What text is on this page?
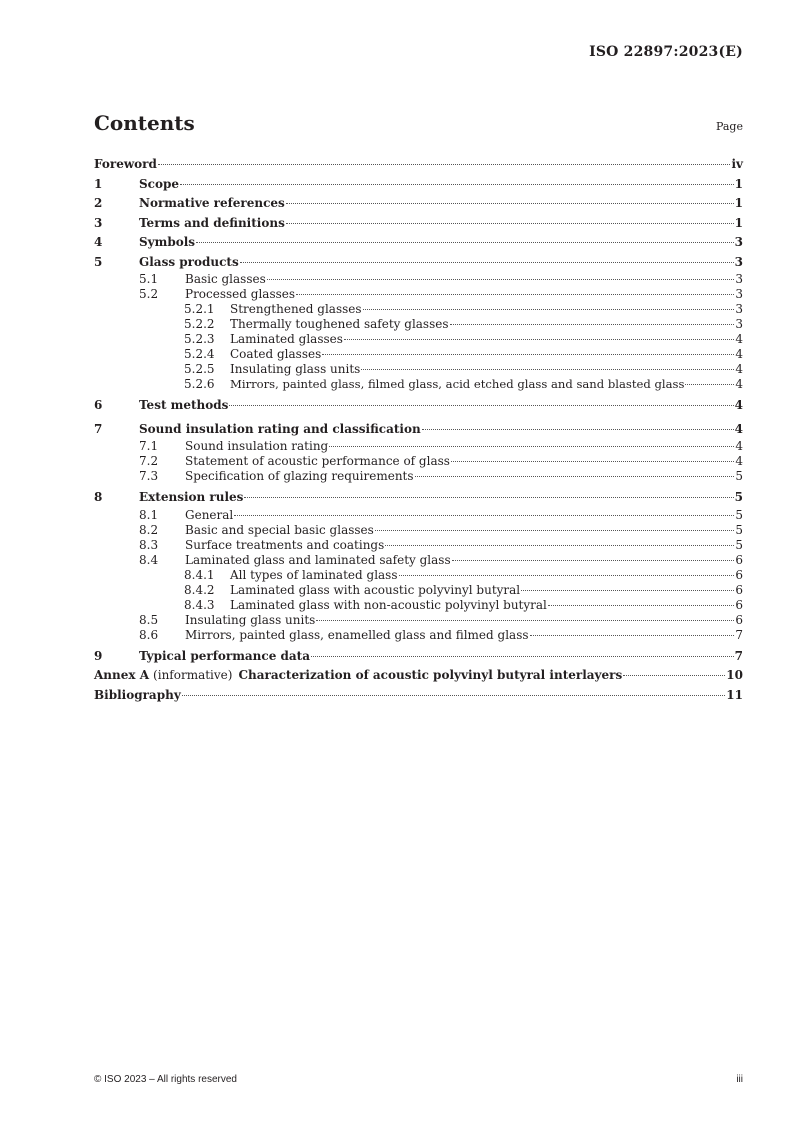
ISO 22897:2023(E)
Contents	Page
Foreword	iv
1	Scope	1
2	Normative references	1
3	Terms and definitions	1
4	Symbols	3
5	Glass products	3
5.1	Basic glasses	3
5.2	Processed glasses	3
5.2.1	Strengthened glasses	3
5.2.2	Thermally toughened safety glasses	3
5.2.3	Laminated glasses	4
5.2.4	Coated glasses	4
5.2.5	Insulating glass units	4
5.2.6	Mirrors, painted glass, filmed glass, acid etched glass and sand blasted glass	4
6	Test methods	4
7	Sound insulation rating and classification	4
7.1	Sound insulation rating	4
7.2	Statement of acoustic performance of glass	4
7.3	Specification of glazing requirements	5
8	Extension rules	5
8.1	General	5
8.2	Basic and special basic glasses	5
8.3	Surface treatments and coatings	5
8.4	Laminated glass and laminated safety glass	6
8.4.1	All types of laminated glass	6
8.4.2	Laminated glass with acoustic polyvinyl butyral	6
8.4.3	Laminated glass with non-acoustic polyvinyl butyral	6
8.5	Insulating glass units	6
8.6	Mirrors, painted glass, enamelled glass and filmed glass	7
9	Typical performance data	7
Annex A (informative) Characterization of acoustic polyvinyl butyral interlayers	10
Bibliography	11
© ISO 2023 – All rights reserved	iii
